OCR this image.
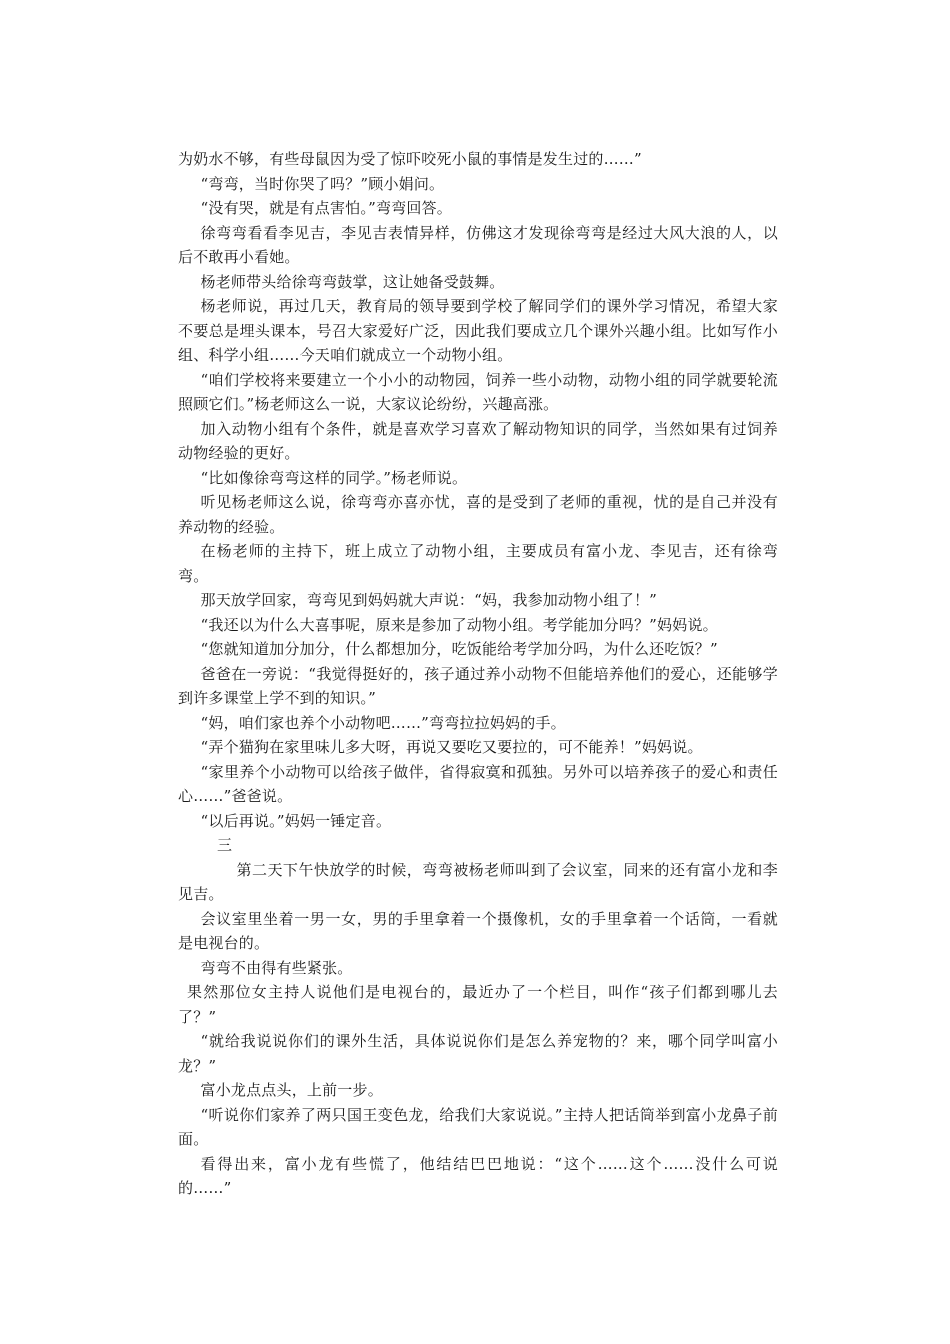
为奶水不够，有些母鼠因为受了惊吓咬死小鼠的事情是发生过的……”

“弯弯，当时你哭了吗？”顾小娟问。

“没有哭，就是有点害怕。”弯弯回答。

徐弯弯看看李见吉，李见吉表情异样，仿佛这才发现徐弯弯是经过大风大浪的人，以后不敢再小看她。

杨老师带头给徐弯弯鼓掌，这让她备受鼓舞。

杨老师说，再过几天，教育局的领导要到学校了解同学们的课外学习情况，希望大家不要总是埋头课本，号召大家爱好广泛，因此我们要成立几个课外兴趣小组。比如写作小组、科学小组……今天咱们就成立一个动物小组。

“咱们学校将来要建立一个小小的动物园，饲养一些小动物，动物小组的同学就要轮流照顾它们。”杨老师这么一说，大家议论纷纷，兴趣高涨。

加入动物小组有个条件，就是喜欢学习喜欢了解动物知识的同学，当然如果有过饲养动物经验的更好。

“比如像徐弯弯这样的同学。”杨老师说。

听见杨老师这么说，徐弯弯亦喜亦忧，喜的是受到了老师的重视，忧的是自己并没有养动物的经验。

在杨老师的主持下，班上成立了动物小组，主要成员有富小龙、李见吉，还有徐弯弯。

那天放学回家，弯弯见到妈妈就大声说：“妈，我参加动物小组了！”

“我还以为什么大喜事呢，原来是参加了动物小组。考学能加分吗？”妈妈说。

“您就知道加分加分，什么都想加分，吃饭能给考学加分吗，为什么还吃饭？”

爸爸在一旁说：“我觉得挺好的，孩子通过养小动物不但能培养他们的爱心，还能够学到许多课堂上学不到的知识。”

“妈，咱们家也养个小动物吧……”弯弯拉拉妈妈的手。

“弄个猫狗在家里味儿多大呀，再说又要吃又要拉的，可不能养！”妈妈说。

“家里养个小动物可以给孩子做伴，省得寂寞和孤独。另外可以培养孩子的爱心和责任心……”爸爸说。

“以后再说。”妈妈一锤定音。

三

第二天下午快放学的时候，弯弯被杨老师叫到了会议室，同来的还有富小龙和李见吉。

会议室里坐着一男一女，男的手里拿着一个摄像机，女的手里拿着一个话筒，一看就是电视台的。

弯弯不由得有些紧张。

果然那位女主持人说他们是电视台的，最近办了一个栏目，叫作“孩子们都到哪儿去了？”

“就给我说说你们的课外生活，具体说说你们是怎么养宠物的？来，哪个同学叫富小龙？”

富小龙点点头，上前一步。

“听说你们家养了两只国王变色龙，给我们大家说说。”主持人把话筒举到富小龙鼻子前面。

看得出来，富小龙有些慌了，他结结巴巴地说：“这个……这个……没什么可说的……”
